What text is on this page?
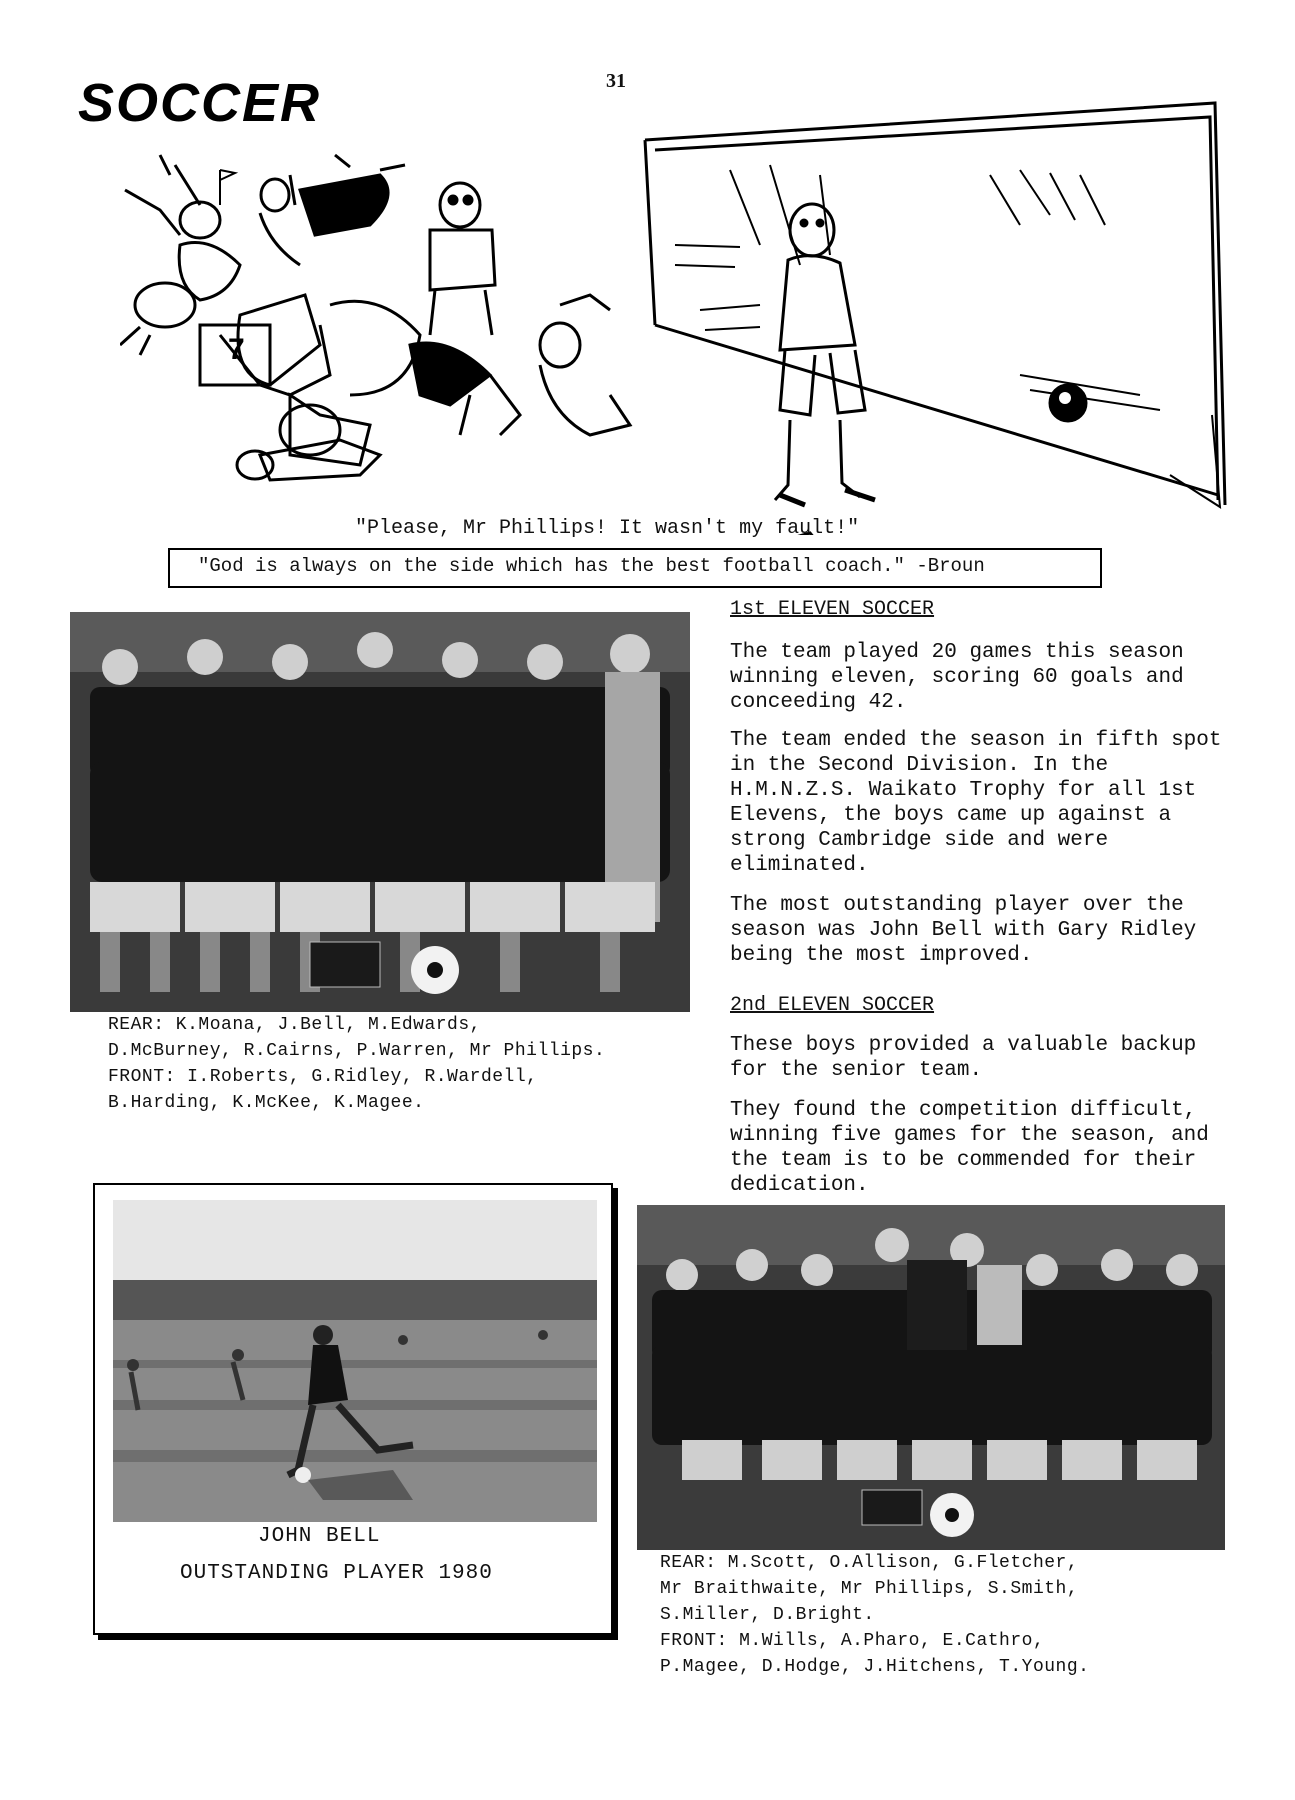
SOCCER	31
7
"Please, Mr Phillips! It wasn't my fault!"
"God is always on the side which has the best football coach." -Broun
REAR: K.Moana, J.Bell, M.Edwards,
D.McBurney, R.Cairns, P.Warren, Mr Phillips.
FRONT: I.Roberts, G.Ridley, R.Wardell,
B.Harding, K.McKee, K.Magee.
1st ELEVEN SOCCER
The team played 20 games this season winning eleven, scoring 60 goals and conceeding 42.
The team ended the season in fifth spot in the Second Division. In the H.M.N.Z.S. Waikato Trophy for all 1st Elevens, the boys came up against a strong Cambridge side and were eliminated.
The most outstanding player over the season was John Bell with Gary Ridley being the most improved.
2nd ELEVEN SOCCER
These boys provided a valuable backup for the senior team.
They found the competition difficult, winning five games for the season, and the team is to be commended for their dedication.
JOHN BELL
OUTSTANDING PLAYER 1980	REAR: M.Scott, O.Allison, G.Fletcher,
Mr Braithwaite, Mr Phillips, S.Smith,
S.Miller, D.Bright.
FRONT: M.Wills, A.Pharo, E.Cathro,
P.Magee, D.Hodge, J.Hitchens, T.Young.
